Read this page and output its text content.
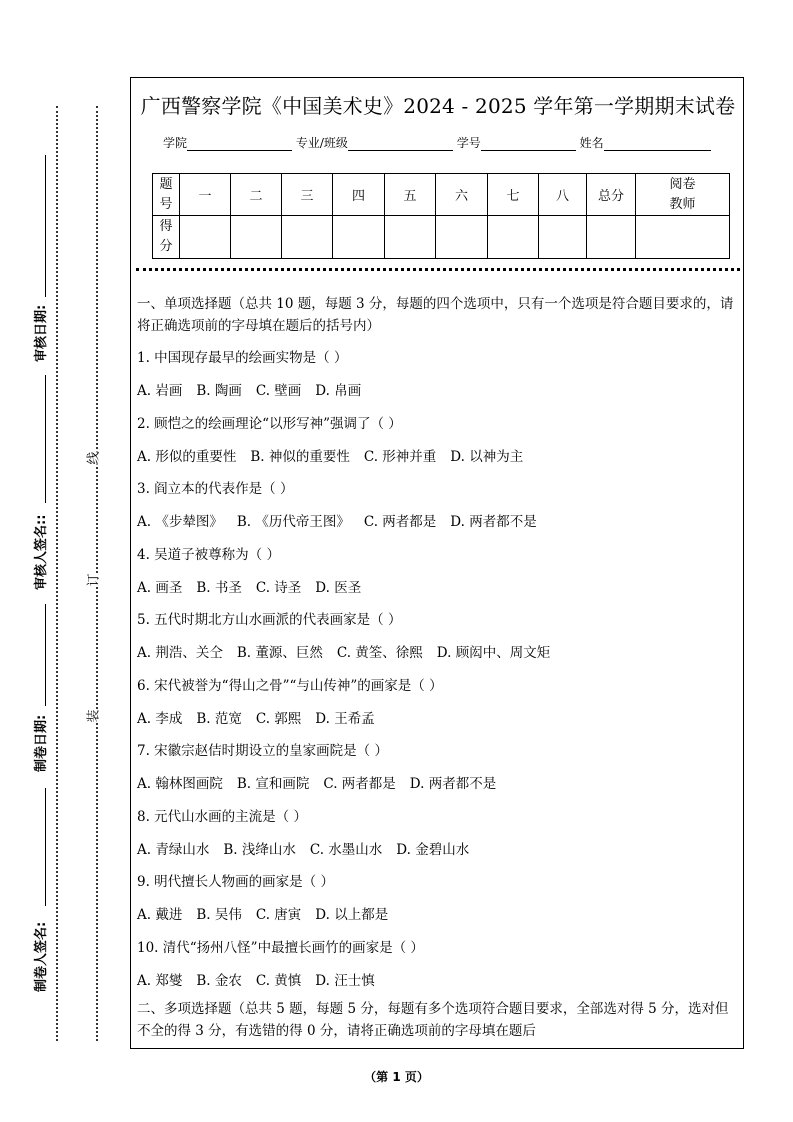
审核日期:
审核人签名::
制卷日期:
制卷人签名:
线
订
装
广西警察学院《中国美术史》2024 - 2025 学年第一学期期末试卷
学院	专业/班级	学号	姓名
题号	一	二	三	四	五	六	七	八	总分	阅卷教师

得分										

一、单项选择题（总共 10 题，每题 3 分，每题的四个选项中，只有一个选项是符合题目要求的，请将正确选项前的字母填在题后的括号内）

1. 中国现存最早的绘画实物是（ ）
A. 岩画 B. 陶画 C. 壁画 D. 帛画
2. 顾恺之的绘画理论“以形写神”强调了（ ）
A. 形似的重要性 B. 神似的重要性 C. 形神并重 D. 以神为主
3. 阎立本的代表作是（ ）
A. 《步辇图》 B. 《历代帝王图》 C. 两者都是 D. 两者都不是
4. 吴道子被尊称为（ ）
A. 画圣 B. 书圣 C. 诗圣 D. 医圣
5. 五代时期北方山水画派的代表画家是（ ）
A. 荆浩、关仝 B. 董源、巨然 C. 黄筌、徐熙 D. 顾闳中、周文矩
6. 宋代被誉为“得山之骨”“与山传神”的画家是（ ）
A. 李成 B. 范宽 C. 郭熙 D. 王希孟
7. 宋徽宗赵佶时期设立的皇家画院是（ ）
A. 翰林图画院 B. 宣和画院 C. 两者都是 D. 两者都不是
8. 元代山水画的主流是（ ）
A. 青绿山水 B. 浅绛山水 C. 水墨山水 D. 金碧山水
9. 明代擅长人物画的画家是（ ）
A. 戴进 B. 吴伟 C. 唐寅 D. 以上都是
10. 清代“扬州八怪”中最擅长画竹的画家是（ ）
A. 郑燮 B. 金农 C. 黄慎 D. 汪士慎

二、多项选择题（总共 5 题，每题 5 分，每题有多个选项符合题目要求，全部选对得 5 分，选对但不全的得 3 分，有选错的得 0 分，请将正确选项前的字母填在题后

（第 1 页）
